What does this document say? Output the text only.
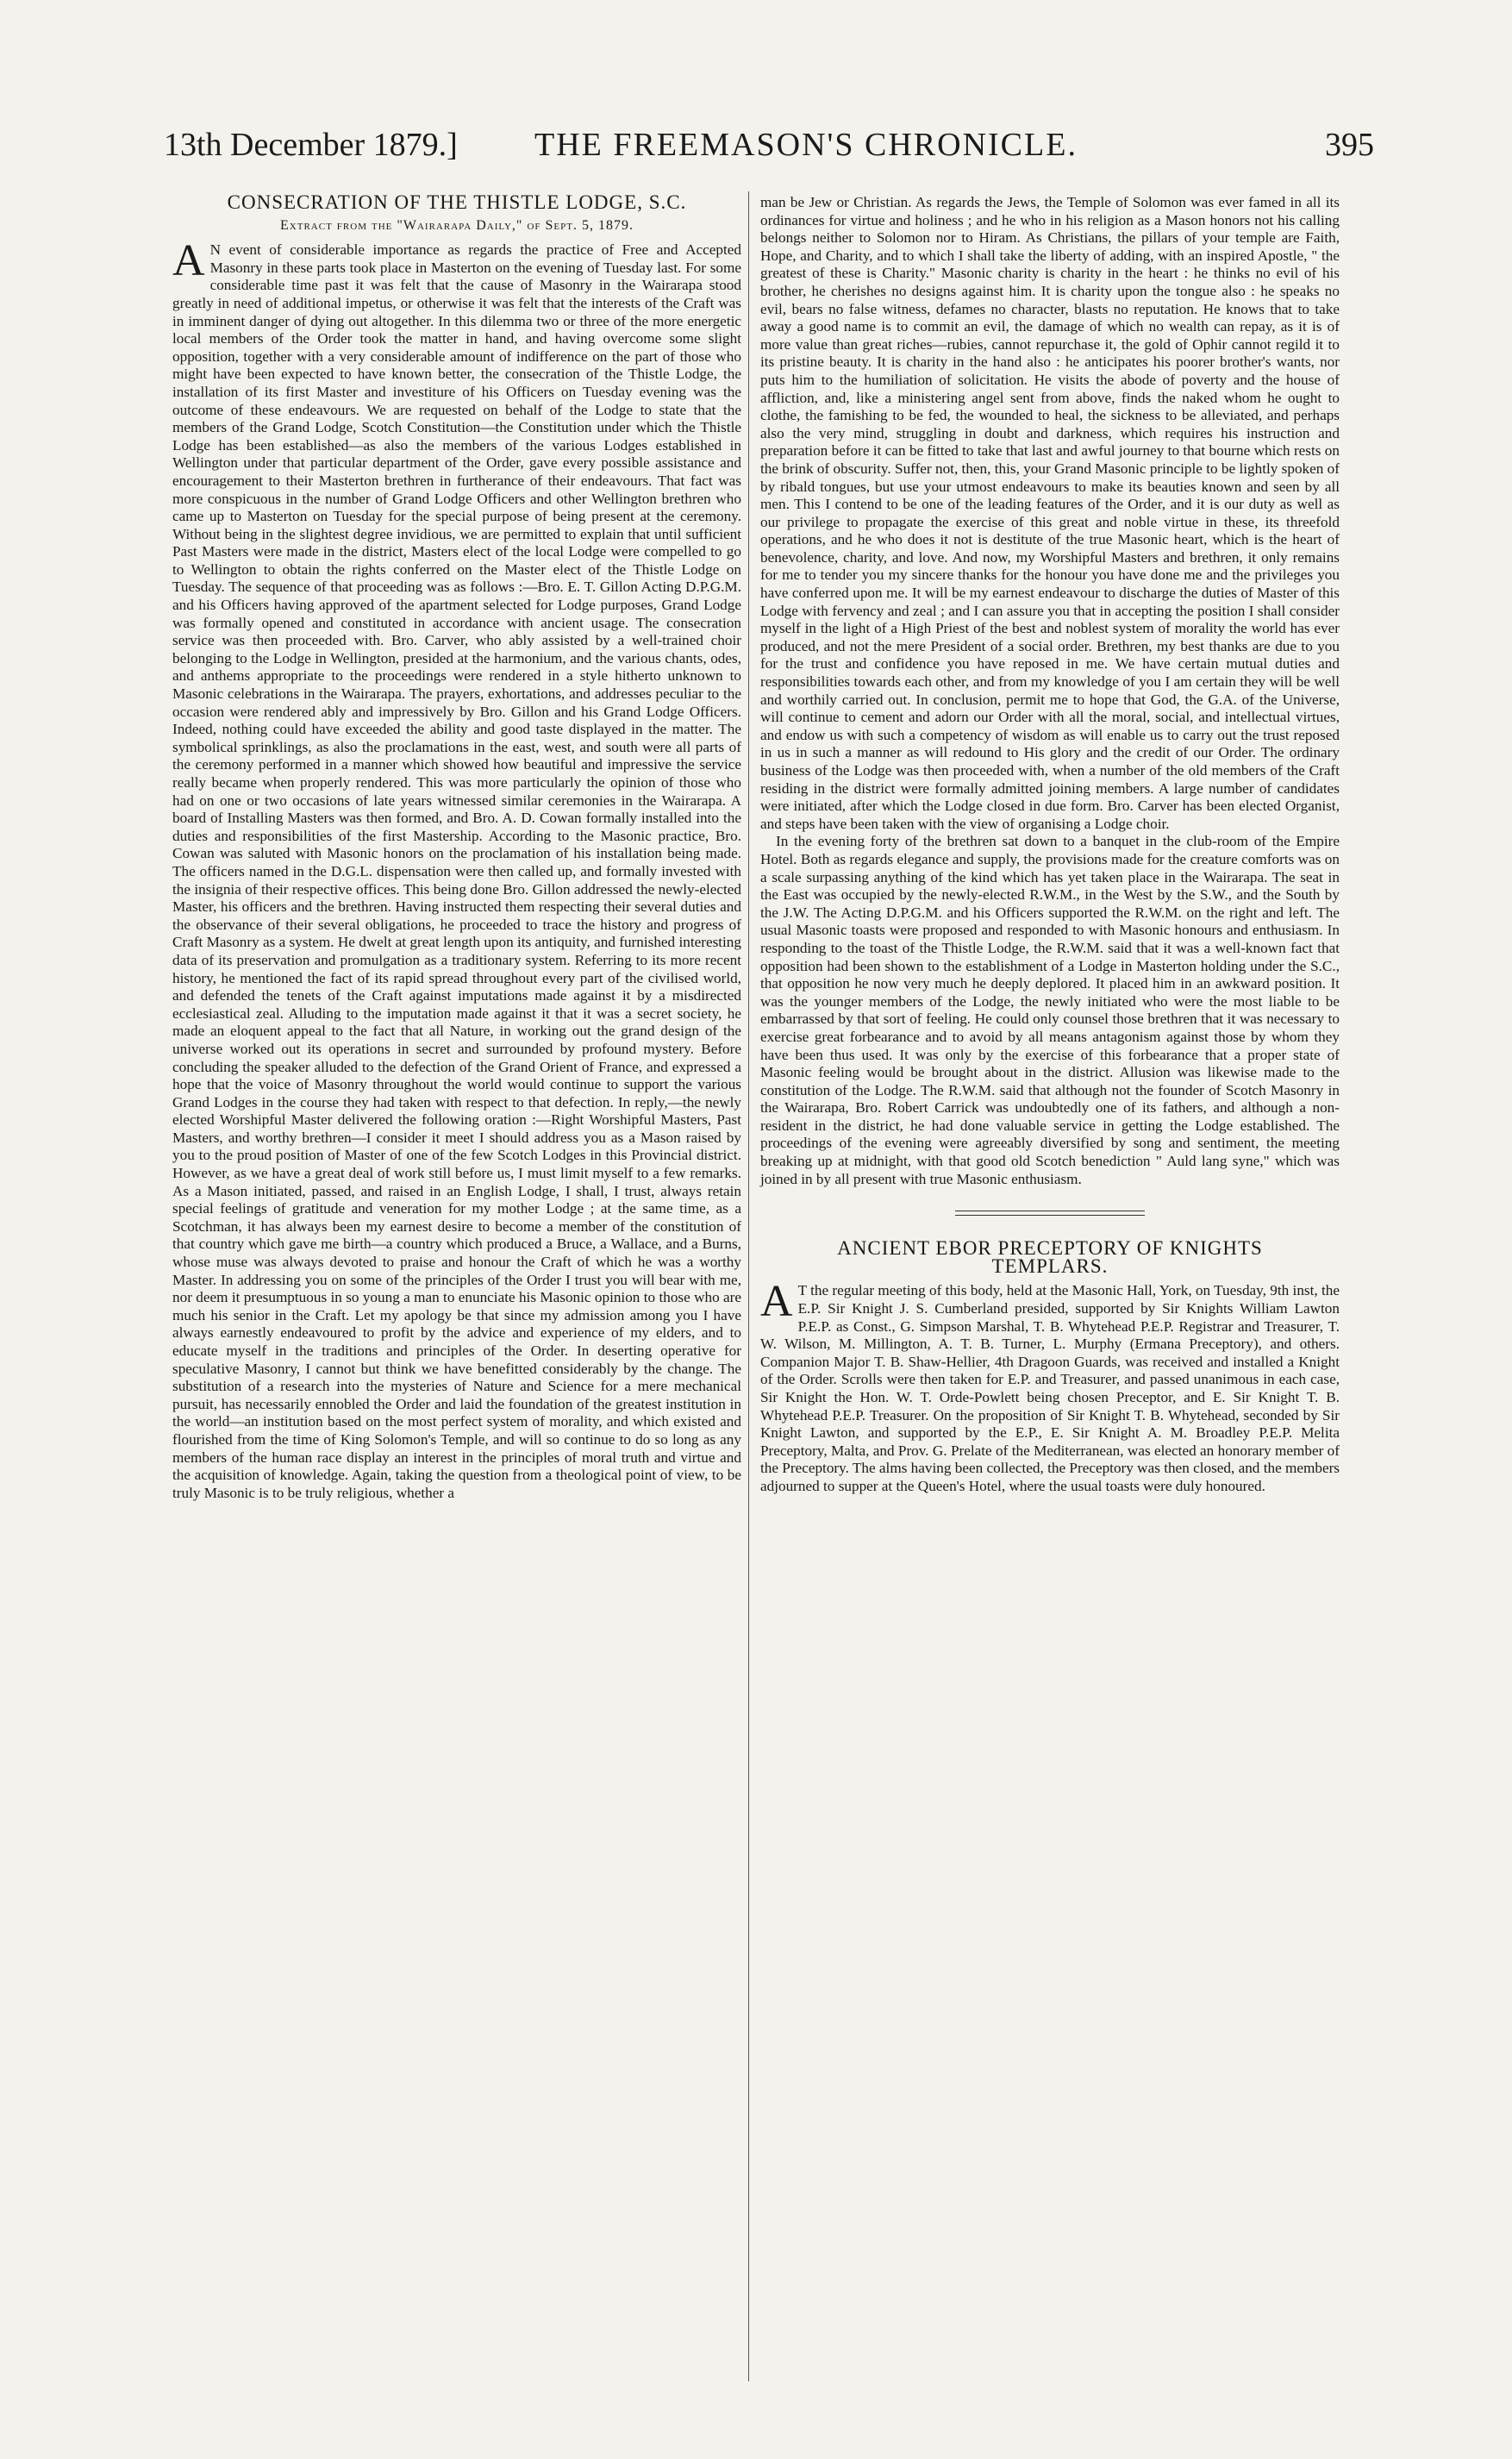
13th December 1879.] THE FREEMASON'S CHRONICLE.	395
CONSECRATION OF THE THISTLE LODGE, S.C.
Extract from the "Wairarapa Daily," of Sept. 5, 1879.

A N event of considerable importance as regards the practice of Free and Accepted Masonry in these parts took place in Masterton on the evening of Tuesday last. For some considerable time past it was felt that the cause of Masonry in the Wairarapa stood greatly in need of additional impetus, or otherwise it was felt that the interests of the Craft was in imminent danger of dying out altogether. In this dilemma two or three of the more energetic local members of the Order took the matter in hand, and having overcome some slight opposition, together with a very considerable amount of indifference on the part of those who might have been expected to have known better, the consecration of the Thistle Lodge, the installation of its first Master and investiture of his Officers on Tuesday evening was the outcome of these endeavours. We are requested on behalf of the Lodge to state that the members of the Grand Lodge, Scotch Constitution—the Constitution under which the Thistle Lodge has been established—as also the members of the various Lodges established in Wellington under that particular department of the Order, gave every possible assistance and encouragement to their Masterton brethren in furtherance of their endeavours. That fact was more conspicuous in the number of Grand Lodge Officers and other Wellington brethren who came up to Masterton on Tuesday for the special purpose of being present at the ceremony. Without being in the slightest degree invidious, we are permitted to explain that until sufficient Past Masters were made in the district, Masters elect of the local Lodge were compelled to go to Wellington to obtain the rights conferred on the Master elect of the Thistle Lodge on Tuesday. The sequence of that proceeding was as follows :—Bro. E. T. Gillon Acting D.P.G.M. and his Officers having approved of the apartment selected for Lodge purposes, Grand Lodge was formally opened and constituted in accordance with ancient usage. The consecration service was then proceeded with. Bro. Carver, who ably assisted by a well-trained choir belonging to the Lodge in Wellington, presided at the harmonium, and the various chants, odes, and anthems appropriate to the proceedings were rendered in a style hitherto unknown to Masonic celebrations in the Wairarapa. The prayers, exhortations, and addresses peculiar to the occasion were rendered ably and impressively by Bro. Gillon and his Grand Lodge Officers. Indeed, nothing could have exceeded the ability and good taste displayed in the matter. The symbolical sprinklings, as also the proclamations in the east, west, and south were all parts of the ceremony performed in a manner which showed how beautiful and impressive the service really became when properly rendered. This was more particularly the opinion of those who had on one or two occasions of late years witnessed similar ceremonies in the Wairarapa. A board of Installing Masters was then formed, and Bro. A. D. Cowan formally installed into the duties and responsibilities of the first Mastership. According to the Masonic practice, Bro. Cowan was saluted with Masonic honors on the proclamation of his installation being made. The officers named in the D.G.L. dispensation were then called up, and formally invested with the insignia of their respective offices. This being done Bro. Gillon addressed the newly-elected Master, his officers and the brethren. Having instructed them respecting their several duties and the observance of their several obligations, he proceeded to trace the history and progress of Craft Masonry as a system. He dwelt at great length upon its antiquity, and furnished interesting data of its preservation and promulgation as a traditionary system. Referring to its more recent history, he mentioned the fact of its rapid spread throughout every part of the civilised world, and defended the tenets of the Craft against imputations made against it by a misdirected ecclesiastical zeal. Alluding to the imputation made against it that it was a secret society, he made an eloquent appeal to the fact that all Nature, in working out the grand design of the universe worked out its operations in secret and surrounded by profound mystery. Before concluding the speaker alluded to the defection of the Grand Orient of France, and expressed a hope that the voice of Masonry throughout the world would continue to support the various Grand Lodges in the course they had taken with respect to that defection. In reply,—the newly elected Worshipful Master delivered the following oration :—Right Worshipful Masters, Past Masters, and worthy brethren—I consider it meet I should address you as a Mason raised by you to the proud position of Master of one of the few Scotch Lodges in this Provincial district. However, as we have a great deal of work still before us, I must limit myself to a few remarks. As a Mason initiated, passed, and raised in an English Lodge, I shall, I trust, always retain special feelings of gratitude and veneration for my mother Lodge ; at the same time, as a Scotchman, it has always been my earnest desire to become a member of the constitution of that country which gave me birth—a country which produced a Bruce, a Wallace, and a Burns, whose muse was always devoted to praise and honour the Craft of which he was a worthy Master. In addressing you on some of the principles of the Order I trust you will bear with me, nor deem it presumptuous in so young a man to enunciate his Masonic opinion to those who are much his senior in the Craft. Let my apology be that since my admission among you I have always earnestly endeavoured to profit by the advice and experience of my elders, and to educate myself in the traditions and principles of the Order. In deserting operative for speculative Masonry, I cannot but think we have benefitted considerably by the change. The substitution of a research into the mysteries of Nature and Science for a mere mechanical pursuit, has necessarily ennobled the Order and laid the foundation of the greatest institution in the world—an institution based on the most perfect system of morality, and which existed and flourished from the time of King Solomon's Temple, and will so continue to do so long as any members of the human race display an interest in the principles of moral truth and virtue and the acquisition of knowledge. Again, taking the question from a theological point of view, to be truly Masonic is to be truly religious, whether a

man be Jew or Christian. As regards the Jews, the Temple of Solomon was ever famed in all its ordinances for virtue and holiness ; and he who in his religion as a Mason honors not his calling belongs neither to Solomon nor to Hiram. As Christians, the pillars of your temple are Faith, Hope, and Charity, and to which I shall take the liberty of adding, with an inspired Apostle, " the greatest of these is Charity." Masonic charity is charity in the heart : he thinks no evil of his brother, he cherishes no designs against him. It is charity upon the tongue also : he speaks no evil, bears no false witness, defames no character, blasts no reputation. He knows that to take away a good name is to commit an evil, the damage of which no wealth can repay, as it is of more value than great riches—rubies, cannot repurchase it, the gold of Ophir cannot regild it to its pristine beauty. It is charity in the hand also : he anticipates his poorer brother's wants, nor puts him to the humiliation of solicitation. He visits the abode of poverty and the house of affliction, and, like a ministering angel sent from above, finds the naked whom he ought to clothe, the famishing to be fed, the wounded to heal, the sickness to be alleviated, and perhaps also the very mind, struggling in doubt and darkness, which requires his instruction and preparation before it can be fitted to take that last and awful journey to that bourne which rests on the brink of obscurity. Suffer not, then, this, your Grand Masonic principle to be lightly spoken of by ribald tongues, but use your utmost endeavours to make its beauties known and seen by all men. This I contend to be one of the leading features of the Order, and it is our duty as well as our privilege to propagate the exercise of this great and noble virtue in these, its threefold operations, and he who does it not is destitute of the true Masonic heart, which is the heart of benevolence, charity, and love. And now, my Worshipful Masters and brethren, it only remains for me to tender you my sincere thanks for the honour you have done me and the privileges you have conferred upon me. It will be my earnest endeavour to discharge the duties of Master of this Lodge with fervency and zeal ; and I can assure you that in accepting the position I shall consider myself in the light of a High Priest of the best and noblest system of morality the world has ever produced, and not the mere President of a social order. Brethren, my best thanks are due to you for the trust and confidence you have reposed in me. We have certain mutual duties and responsibilities towards each other, and from my knowledge of you I am certain they will be well and worthily carried out. In conclusion, permit me to hope that God, the G.A. of the Universe, will continue to cement and adorn our Order with all the moral, social, and intellectual virtues, and endow us with such a competency of wisdom as will enable us to carry out the trust reposed in us in such a manner as will redound to His glory and the credit of our Order. The ordinary business of the Lodge was then proceeded with, when a number of the old members of the Craft residing in the district were formally admitted joining members. A large number of candidates were initiated, after which the Lodge closed in due form. Bro. Carver has been elected Organist, and steps have been taken with the view of organising a Lodge choir.

In the evening forty of the brethren sat down to a banquet in the club-room of the Empire Hotel. Both as regards elegance and supply, the provisions made for the creature comforts was on a scale surpassing anything of the kind which has yet taken place in the Wairarapa. The seat in the East was occupied by the newly-elected R.W.M., in the West by the S.W., and the South by the J.W. The Acting D.P.G.M. and his Officers supported the R.W.M. on the right and left. The usual Masonic toasts were proposed and responded to with Masonic honours and enthusiasm. In responding to the toast of the Thistle Lodge, the R.W.M. said that it was a well-known fact that opposition had been shown to the establishment of a Lodge in Masterton holding under the S.C., that opposition he now very much he deeply deplored. It placed him in an awkward position. It was the younger members of the Lodge, the newly initiated who were the most liable to be embarrassed by that sort of feeling. He could only counsel those brethren that it was necessary to exercise great forbearance and to avoid by all means antagonism against those by whom they have been thus used. It was only by the exercise of this forbearance that a proper state of Masonic feeling would be brought about in the district. Allusion was likewise made to the constitution of the Lodge. The R.W.M. said that although not the founder of Scotch Masonry in the Wairarapa, Bro. Robert Carrick was undoubtedly one of its fathers, and although a non-resident in the district, he had done valuable service in getting the Lodge established. The proceedings of the evening were agreeably diversified by song and sentiment, the meeting breaking up at midnight, with that good old Scotch benediction " Auld lang syne," which was joined in by all present with true Masonic enthusiasm.

ANCIENT EBOR PRECEPTORY OF KNIGHTS
TEMPLARS.

A T the regular meeting of this body, held at the Masonic Hall, York, on Tuesday, 9th inst, the E.P. Sir Knight J. S. Cumberland presided, supported by Sir Knights William Lawton P.E.P. as Const., G. Simpson Marshal, T. B. Whytehead P.E.P. Registrar and Treasurer, T. W. Wilson, M. Millington, A. T. B. Turner, L. Murphy (Ermana Preceptory), and others. Companion Major T. B. Shaw-Hellier, 4th Dragoon Guards, was received and installed a Knight of the Order. Scrolls were then taken for E.P. and Treasurer, and passed unanimous in each case, Sir Knight the Hon. W. T. Orde-Powlett being chosen Preceptor, and E. Sir Knight T. B. Whytehead P.E.P. Treasurer. On the proposition of Sir Knight T. B. Whytehead, seconded by Sir Knight Lawton, and supported by the E.P., E. Sir Knight A. M. Broadley P.E.P. Melita Preceptory, Malta, and Prov. G. Prelate of the Mediterranean, was elected an honorary member of the Preceptory. The alms having been collected, the Preceptory was then closed, and the members adjourned to supper at the Queen's Hotel, where the usual toasts were duly honoured.
